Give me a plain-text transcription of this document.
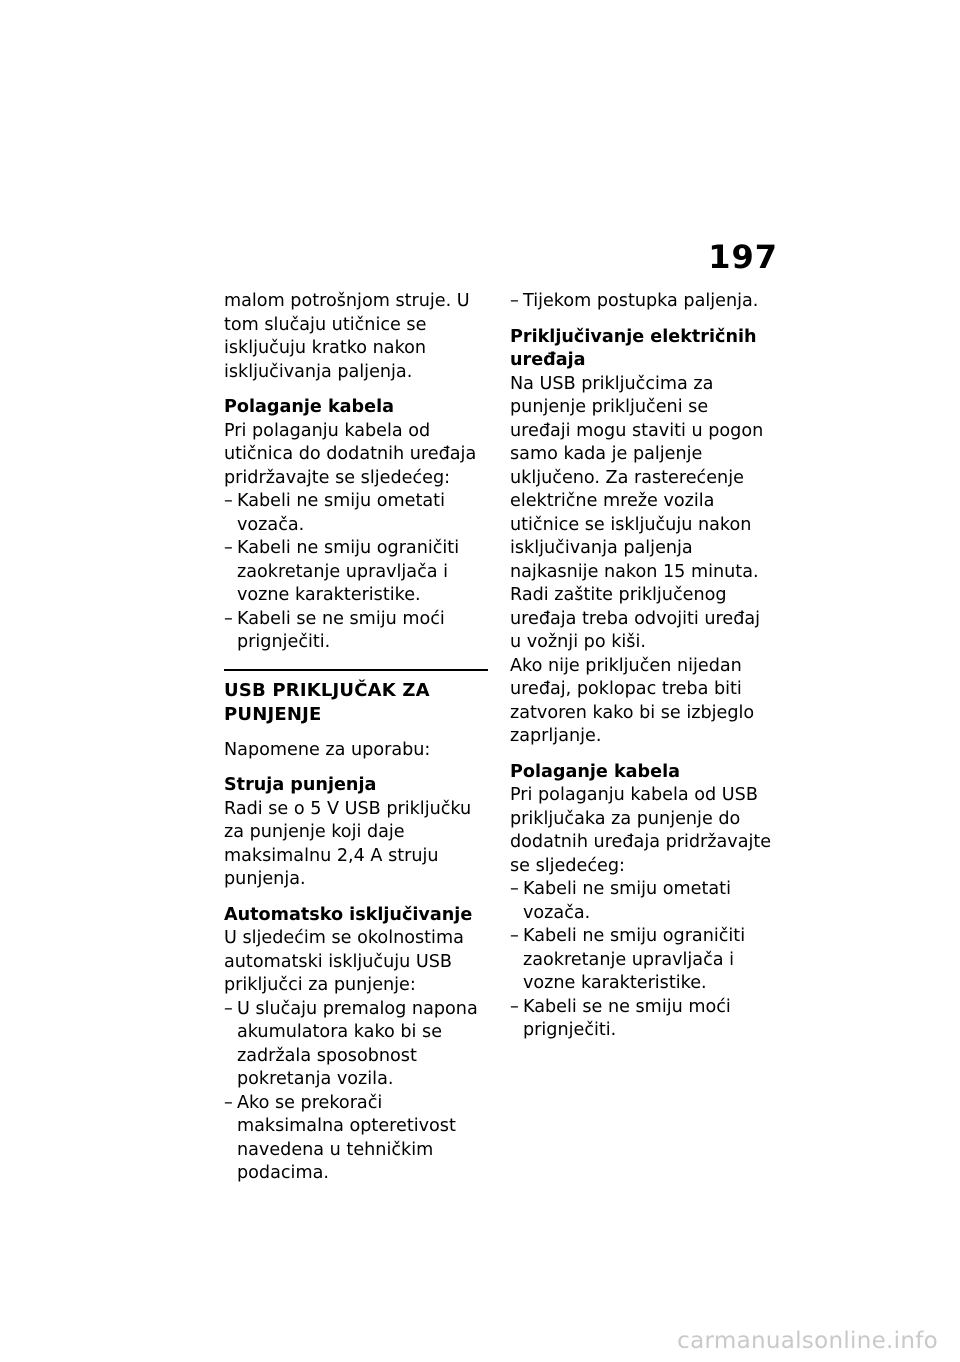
197

malom potrošnjom struje. U tom slučaju utičnice se isključuju kratko nakon isključivanja paljenja.

Polaganje kabela

Pri polaganju kabela od utičnica do dodatnih uređaja pridržavajte se sljedećeg:

– Kabeli ne smiju ometati vozača.
– Kabeli ne smiju ograničiti zaokretanje upravljača i vozne karakteristike.
– Kabeli se ne smiju moći prignječiti.

USB PRIKLJUČAK ZA PUNJENJE

Napomene za uporabu:

Struja punjenja

Radi se o 5 V USB priključku za punjenje koji daje maksimalnu 2,4 A struju punjenja.

Automatsko isključivanje

U sljedećim se okolnostima automatski isključuju USB priključci za punjenje:

– U slučaju premalog napona akumulatora kako bi se zadržala sposobnost pokretanja vozila.
– Ako se prekorači maksimalna opteretivost navedena u tehničkim podacima.
– Tijekom postupka paljenja.

Priključivanje električnih uređaja

Na USB priključcima za punjenje priključeni se uređaji mogu staviti u pogon samo kada je paljenje uključeno. Za rasterećenje električne mreže vozila utičnice se isključuju nakon isključivanja paljenja najkasnije nakon 15 minuta.

Radi zaštite priključenog uređaja treba odvojiti uređaj u vožnji po kiši.

Ako nije priključen nijedan uređaj, poklopac treba biti zatvoren kako bi se izbjeglo zaprljanje.

Polaganje kabela

Pri polaganju kabela od USB priključaka za punjenje do dodatnih uređaja pridržavajte se sljedećeg:

– Kabeli ne smiju ometati vozača.
– Kabeli ne smiju ograničiti zaokretanje upravljača i vozne karakteristike.
– Kabeli se ne smiju moći prignječiti.
carmanualsonline.info
